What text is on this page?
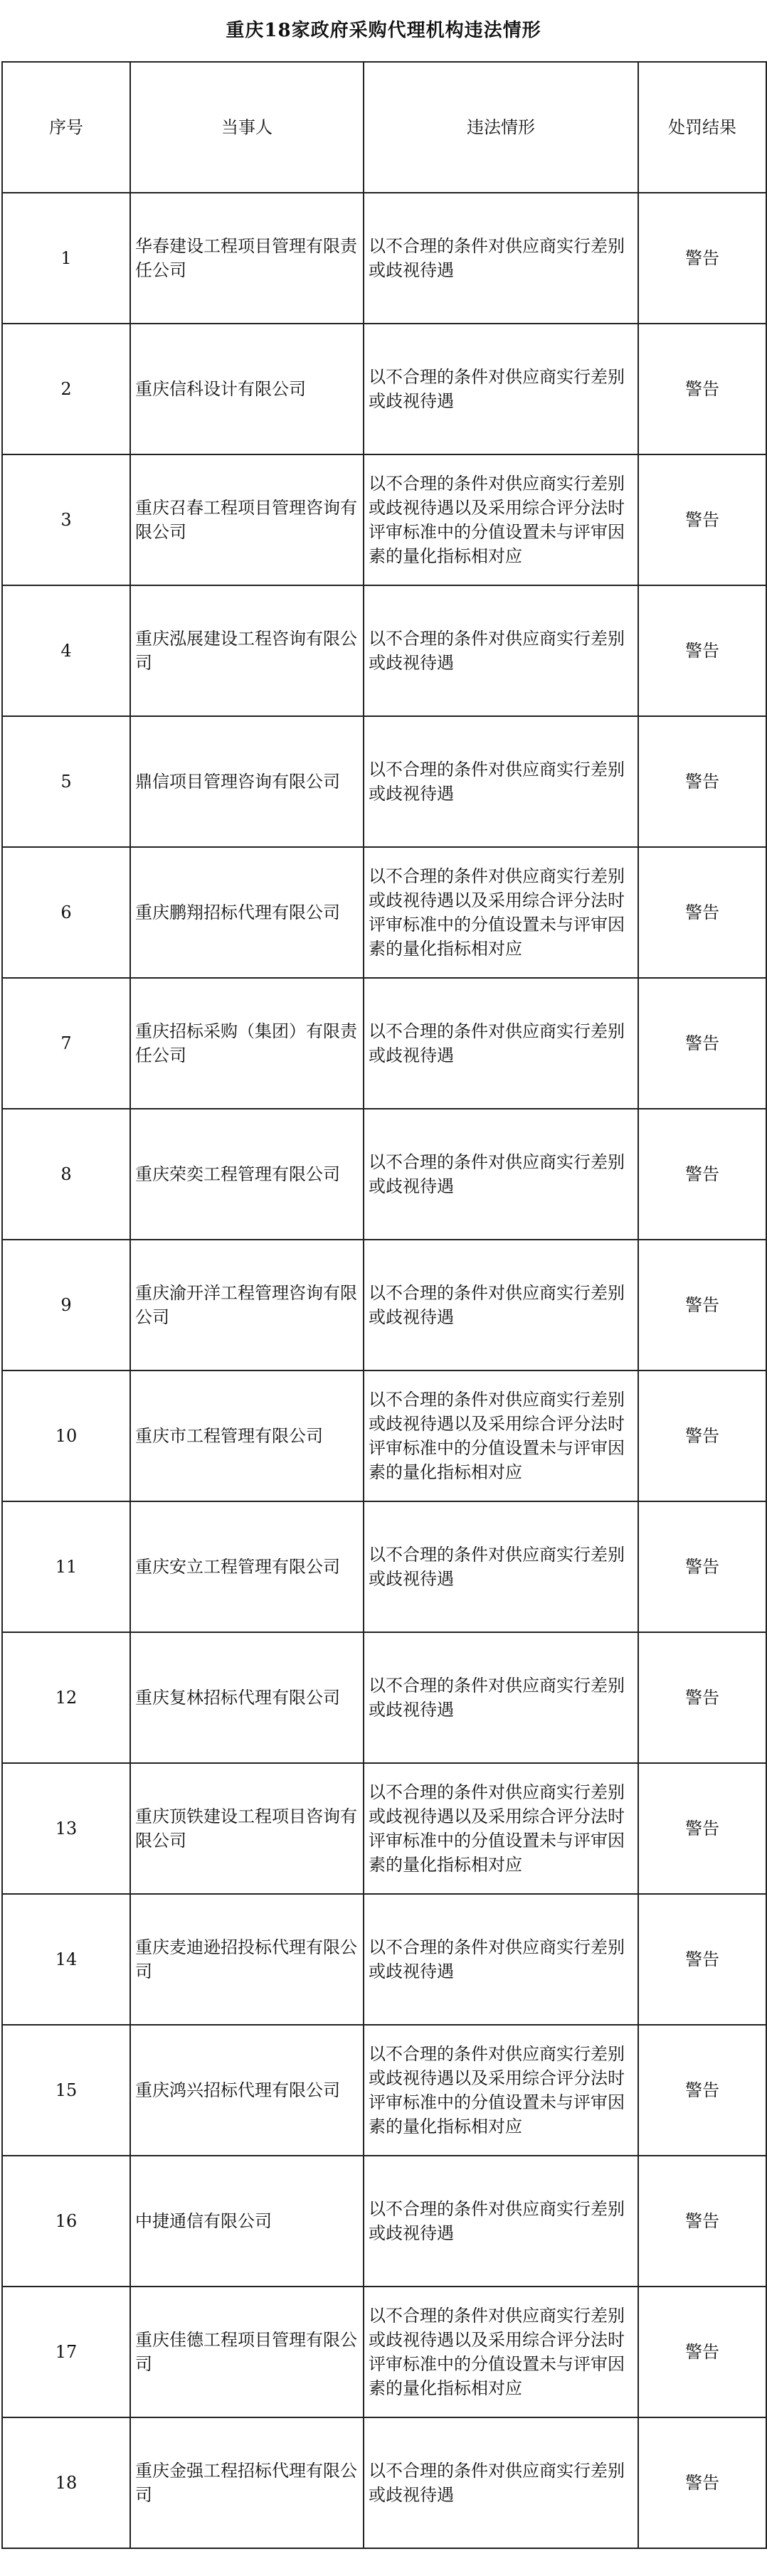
重庆18家政府采购代理机构违法情形
序号	当事人	违法情形	处罚结果
1	华春建设工程项目管理有限责任公司	以不合理的条件对供应商实行差别或歧视待遇	警告
2	重庆信科设计有限公司	以不合理的条件对供应商实行差别或歧视待遇	警告
3	重庆召春工程项目管理咨询有限公司	以不合理的条件对供应商实行差别或歧视待遇以及采用综合评分法时评审标准中的分值设置未与评审因素的量化指标相对应	警告
4	重庆泓展建设工程咨询有限公司	以不合理的条件对供应商实行差别或歧视待遇	警告
5	鼎信项目管理咨询有限公司	以不合理的条件对供应商实行差别或歧视待遇	警告
6	重庆鹏翔招标代理有限公司	以不合理的条件对供应商实行差别或歧视待遇以及采用综合评分法时评审标准中的分值设置未与评审因素的量化指标相对应	警告
7	重庆招标采购（集团）有限责任公司	以不合理的条件对供应商实行差别或歧视待遇	警告
8	重庆荣奕工程管理有限公司	以不合理的条件对供应商实行差别或歧视待遇	警告
9	重庆渝开洋工程管理咨询有限公司	以不合理的条件对供应商实行差别或歧视待遇	警告
10	重庆市工程管理有限公司	以不合理的条件对供应商实行差别或歧视待遇以及采用综合评分法时评审标准中的分值设置未与评审因素的量化指标相对应	警告
11	重庆安立工程管理有限公司	以不合理的条件对供应商实行差别或歧视待遇	警告
12	重庆复林招标代理有限公司	以不合理的条件对供应商实行差别或歧视待遇	警告
13	重庆顶铁建设工程项目咨询有限公司	以不合理的条件对供应商实行差别或歧视待遇以及采用综合评分法时评审标准中的分值设置未与评审因素的量化指标相对应	警告
14	重庆麦迪逊招投标代理有限公司	以不合理的条件对供应商实行差别或歧视待遇	警告
15	重庆鸿兴招标代理有限公司	以不合理的条件对供应商实行差别或歧视待遇以及采用综合评分法时评审标准中的分值设置未与评审因素的量化指标相对应	警告
16	中捷通信有限公司	以不合理的条件对供应商实行差别或歧视待遇	警告
17	重庆佳德工程项目管理有限公司	以不合理的条件对供应商实行差别或歧视待遇以及采用综合评分法时评审标准中的分值设置未与评审因素的量化指标相对应	警告
18	重庆金强工程招标代理有限公司	以不合理的条件对供应商实行差别或歧视待遇	警告
